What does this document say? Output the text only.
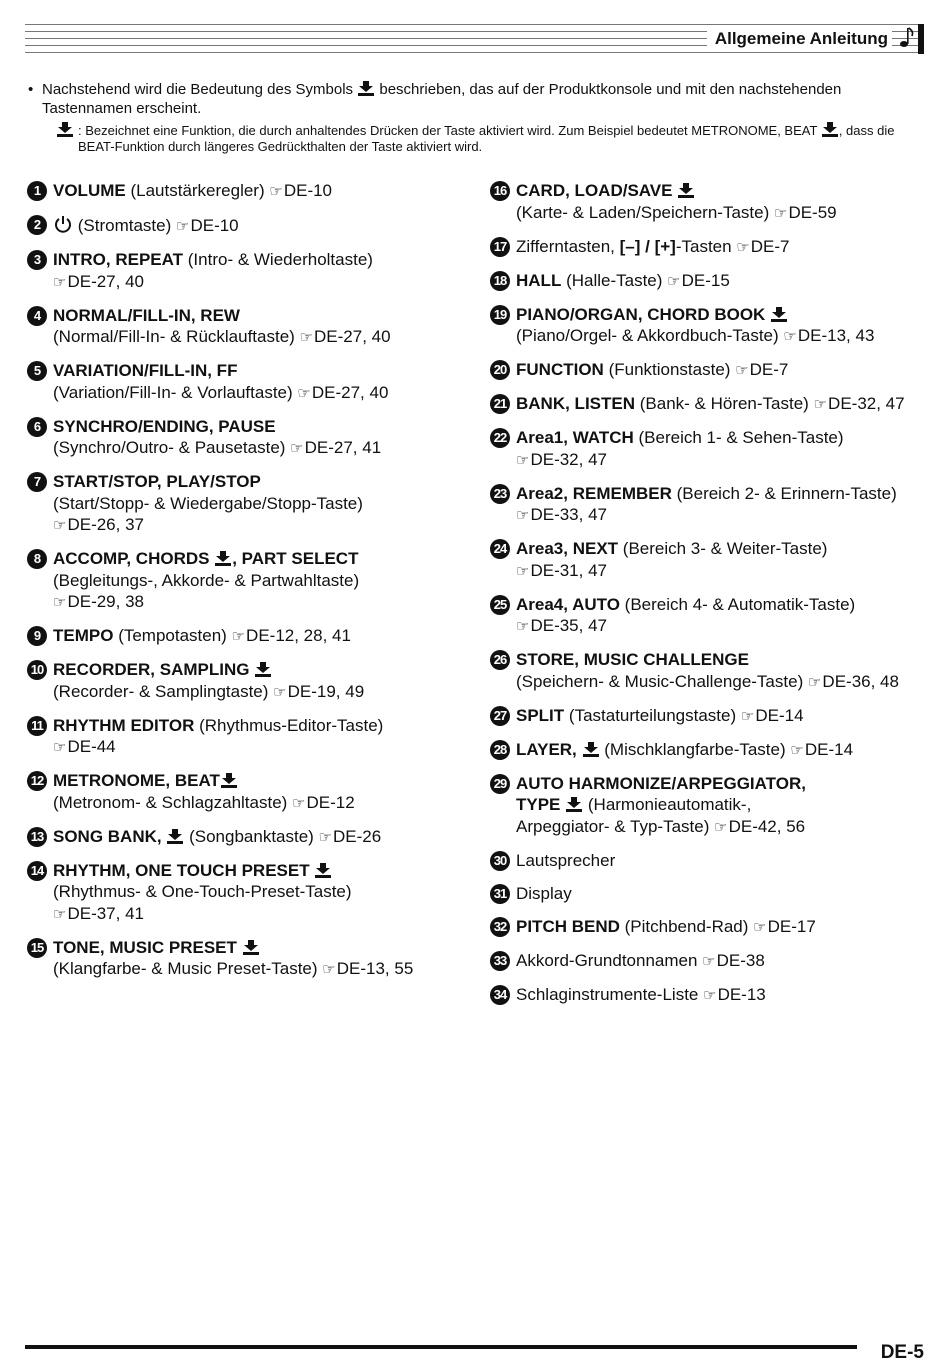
Allgemeine Anleitung
• Nachstehend wird die Bedeutung des Symbols beschrieben, das auf der Produktkonsole und mit den nachstehenden Tastennamen erscheint.
: Bezeichnet eine Funktion, die durch anhaltendes Drücken der Taste aktiviert wird. Zum Beispiel bedeutet METRONOME, BEAT , dass die BEAT-Funktion durch längeres Gedrückthalten der Taste aktiviert wird.
1 VOLUME (Lautstärkeregler) ☞DE-10
2	(Stromtaste) ☞DE-10
3 INTRO, REPEAT (Intro- & Wiederholtaste)
☞DE-27, 40
4 NORMAL/FILL-IN, REW
(Normal/Fill-In- & Rücklauftaste) ☞DE-27, 40
5 VARIATION/FILL-IN, FF
(Variation/Fill-In- & Vorlauftaste) ☞DE-27, 40
6 SYNCHRO/ENDING, PAUSE
(Synchro/Outro- & Pausetaste) ☞DE-27, 41
7 START/STOP, PLAY/STOP
(Start/Stopp- & Wiedergabe/Stopp-Taste)
☞DE-26, 37
8 ACCOMP, CHORDS , PART SELECT
(Begleitungs-, Akkorde- & Partwahltaste)
☞DE-29, 38
9 TEMPO (Tempotasten) ☞DE-12, 28, 41
10 RECORDER, SAMPLING

(Recorder- & Samplingtaste) ☞DE-19, 49
11 RHYTHM EDITOR (Rhythmus-Editor-Taste)
☞DE-44
12 METRONOME, BEAT

(Metronom- & Schlagzahltaste) ☞DE-12
13 SONG BANK, (Songbanktaste) ☞DE-26
14 RHYTHM, ONE TOUCH PRESET

(Rhythmus- & One-Touch-Preset-Taste)
☞DE-37, 41
15 TONE, MUSIC PRESET

(Klangfarbe- & Music Preset-Taste) ☞DE-13, 55
16 CARD, LOAD/SAVE

(Karte- & Laden/Speichern-Taste) ☞DE-59
17 Zifferntasten, [–] / [+]-Tasten ☞DE-7
18 HALL (Halle-Taste) ☞DE-15
19 PIANO/ORGAN, CHORD BOOK

(Piano/Orgel- & Akkordbuch-Taste) ☞DE-13, 43
20 FUNCTION (Funktionstaste) ☞DE-7
21 BANK, LISTEN (Bank- & Hören-Taste) ☞DE-32, 47
22 Area1, WATCH (Bereich 1- & Sehen-Taste)
☞DE-32, 47
23 Area2, REMEMBER (Bereich 2- & Erinnern-Taste)
☞DE-33, 47
24 Area3, NEXT (Bereich 3- & Weiter-Taste)
☞DE-31, 47
25 Area4, AUTO (Bereich 4- & Automatik-Taste)
☞DE-35, 47
26 STORE, MUSIC CHALLENGE
(Speichern- & Music-Challenge-Taste) ☞DE-36, 48
27 SPLIT (Tastaturteilungstaste) ☞DE-14
28 LAYER, (Mischklangfarbe-Taste) ☞DE-14
29 AUTO HARMONIZE/ARPEGGIATOR,
TYPE (Harmonieautomatik-,
Arpeggiator- & Typ-Taste) ☞DE-42, 56
30 Lautsprecher
31 Display
32 PITCH BEND (Pitchbend-Rad) ☞DE-17
33 Akkord-Grundtonnamen ☞DE-38
34 Schlaginstrumente-Liste ☞DE-13
DE-5
